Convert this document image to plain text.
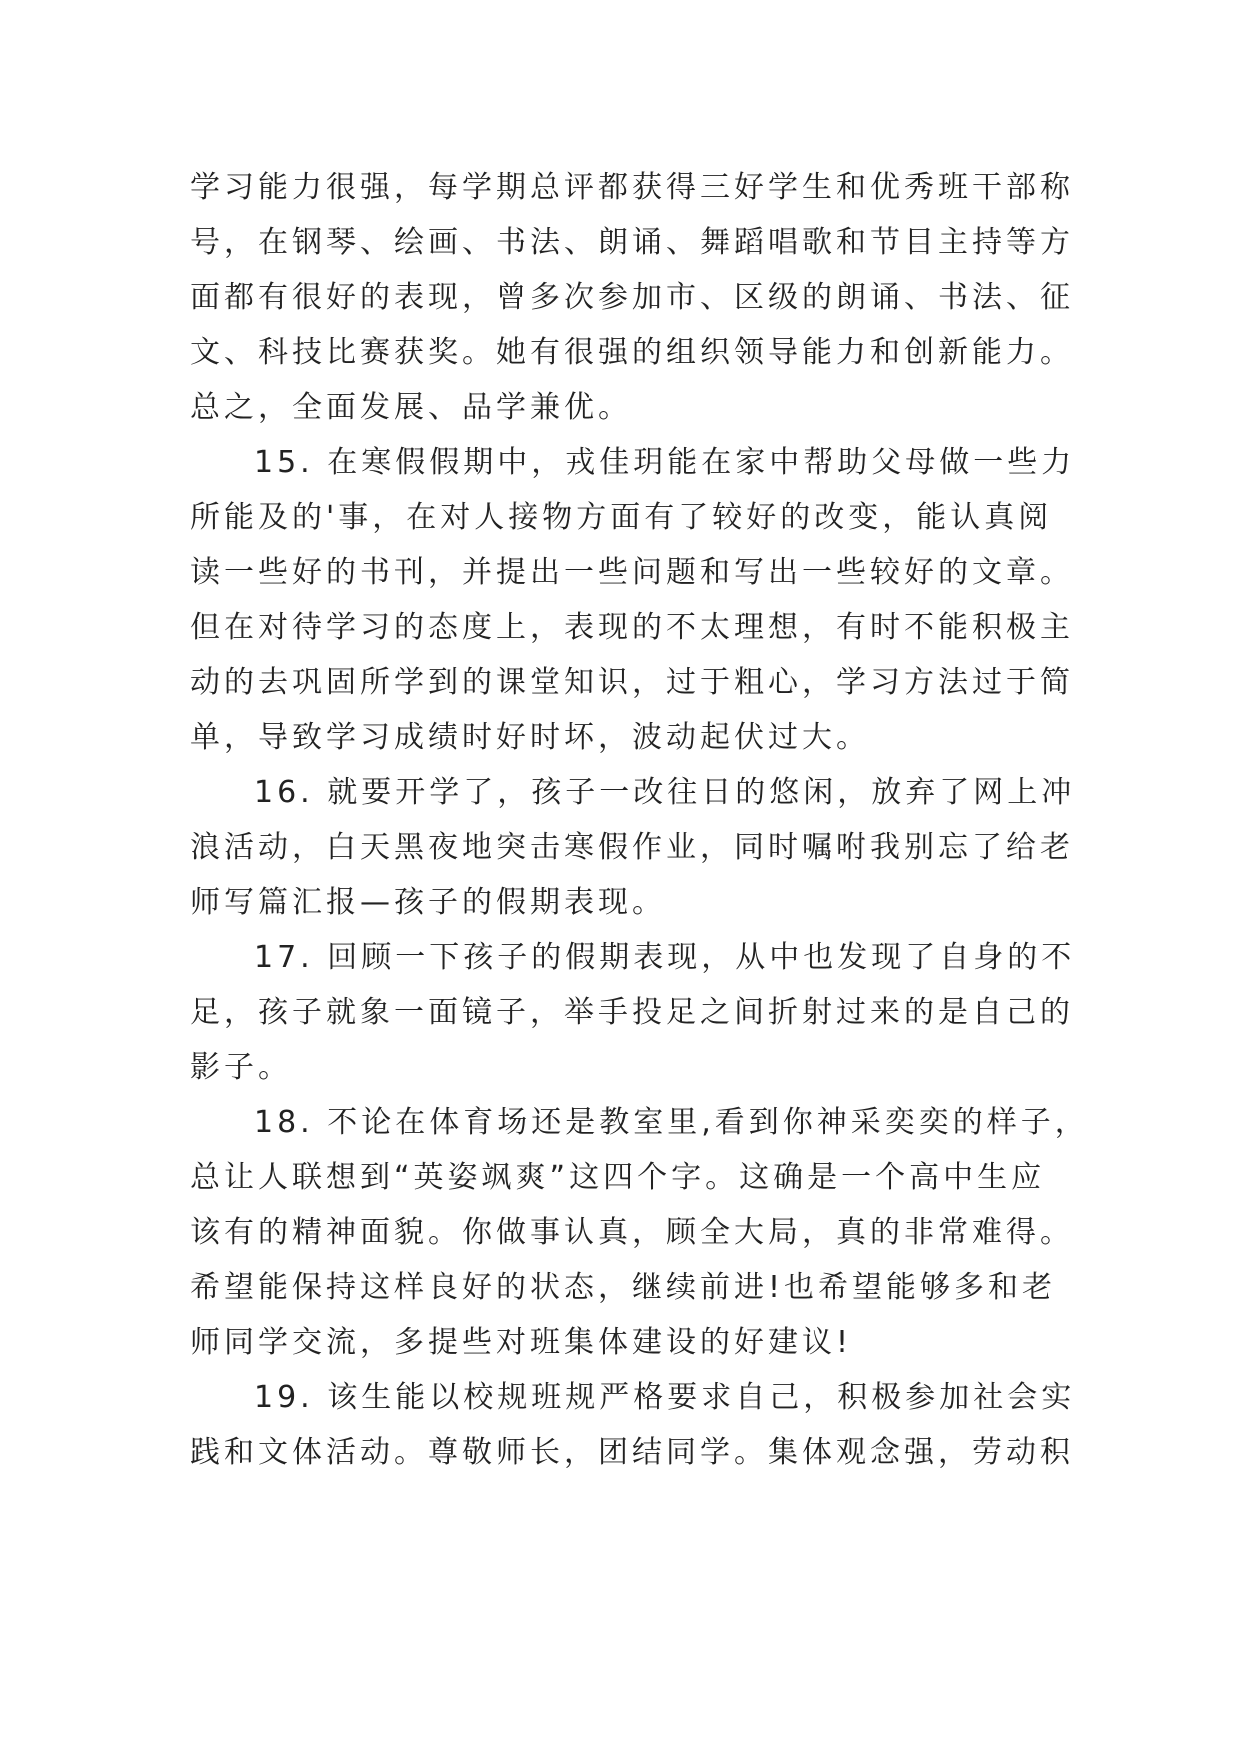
学习能力很强，每学期总评都获得三好学生和优秀班干部称
号，在钢琴、绘画、书法、朗诵、舞蹈唱歌和节目主持等方
面都有很好的表现，曾多次参加市、区级的朗诵、书法、征
文、科技比赛获奖。她有很强的组织领导能力和创新能力。
总之，全面发展、品学兼优。

15. 在寒假假期中，戎佳玥能在家中帮助父母做一些力
所能及的'事，在对人接物方面有了较好的改变，能认真阅
读一些好的书刊，并提出一些问题和写出一些较好的文章。
但在对待学习的态度上，表现的不太理想，有时不能积极主
动的去巩固所学到的课堂知识，过于粗心，学习方法过于简
单，导致学习成绩时好时坏，波动起伏过大。

16. 就要开学了，孩子一改往日的悠闲，放弃了网上冲
浪活动，白天黑夜地突击寒假作业，同时嘱咐我别忘了给老
师写篇汇报—孩子的假期表现。

17. 回顾一下孩子的假期表现，从中也发现了自身的不
足，孩子就象一面镜子，举手投足之间折射过来的是自己的
影子。

18. 不论在体育场还是教室里,看到你神采奕奕的样子，
总让人联想到“英姿飒爽”这四个字。这确是一个高中生应
该有的精神面貌。你做事认真，顾全大局，真的非常难得。
希望能保持这样良好的状态，继续前进!也希望能够多和老
师同学交流，多提些对班集体建设的好建议!

19. 该生能以校规班规严格要求自己，积极参加社会实
践和文体活动。尊敬师长，团结同学。集体观念强，劳动积
